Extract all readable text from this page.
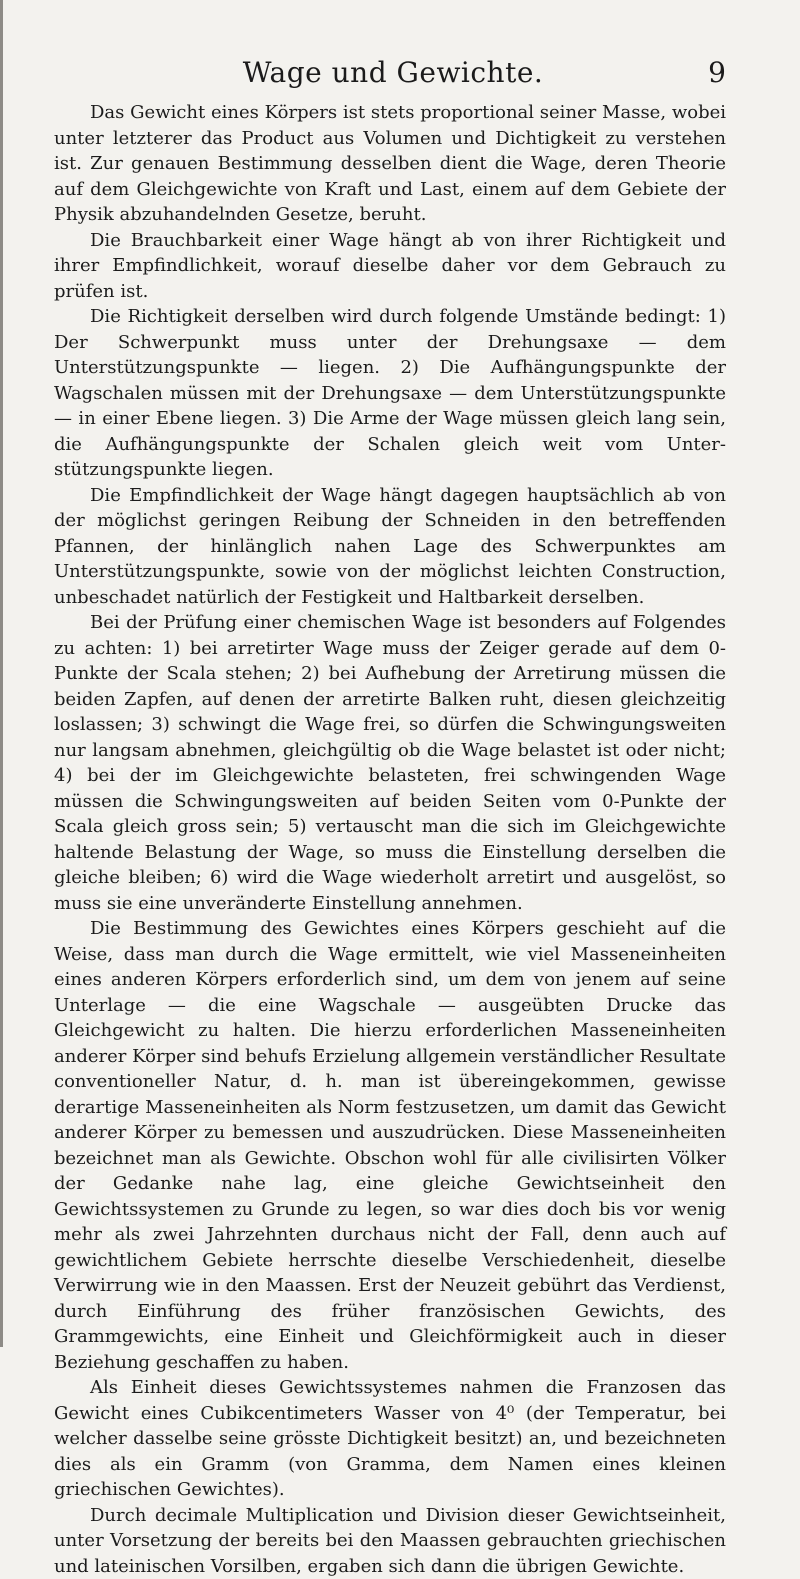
Wage und Gewichte.	9

Das Gewicht eines Körpers ist stets proportional seiner Masse, wobei unter letzterer das Product aus Volumen und Dichtigkeit zu verstehen ist. Zur genauen Bestimmung desselben dient die Wage, deren Theorie auf dem Gleichgewichte von Kraft und Last, einem auf dem Gebiete der Physik abzuhandelnden Gesetze, beruht.

Die Brauchbarkeit einer Wage hängt ab von ihrer Richtigkeit und ihrer Empfindlichkeit, worauf dieselbe daher vor dem Gebrauch zu prüfen ist.

Die Richtigkeit derselben wird durch folgende Umstände bedingt: 1) Der Schwerpunkt muss unter der Drehungsaxe — dem Unterstützungspunkte — liegen. 2) Die Aufhängungspunkte der Wagschalen müssen mit der Drehungsaxe — dem Unterstützungspunkte — in einer Ebene liegen. 3) Die Arme der Wage müssen gleich lang sein, die Aufhängungspunkte der Schalen gleich weit vom Unterstützungspunkte liegen.

Die Empfindlichkeit der Wage hängt dagegen hauptsächlich ab von der möglichst geringen Reibung der Schneiden in den betreffenden Pfannen, der hinlänglich nahen Lage des Schwerpunktes am Unterstützungspunkte, sowie von der möglichst leichten Construction, unbeschadet natürlich der Festigkeit und Haltbarkeit derselben.

Bei der Prüfung einer chemischen Wage ist besonders auf Folgendes zu achten: 1) bei arretirter Wage muss der Zeiger gerade auf dem 0-Punkte der Scala stehen; 2) bei Aufhebung der Arretirung müssen die beiden Zapfen, auf denen der arretirte Balken ruht, diesen gleichzeitig loslassen; 3) schwingt die Wage frei, so dürfen die Schwingungsweiten nur langsam abnehmen, gleichgültig ob die Wage belastet ist oder nicht; 4) bei der im Gleichgewichte belasteten, frei schwingenden Wage müssen die Schwingungsweiten auf beiden Seiten vom 0-Punkte der Scala gleich gross sein; 5) vertauscht man die sich im Gleichgewichte haltende Belastung der Wage, so muss die Einstellung derselben die gleiche bleiben; 6) wird die Wage wiederholt arretirt und ausgelöst, so muss sie eine unveränderte Einstellung annehmen.

Die Bestimmung des Gewichtes eines Körpers geschieht auf die Weise, dass man durch die Wage ermittelt, wie viel Masseneinheiten eines anderen Körpers erforderlich sind, um dem von jenem auf seine Unterlage — die eine Wagschale — ausgeübten Drucke das Gleichgewicht zu halten. Die hierzu erforderlichen Masseneinheiten anderer Körper sind behufs Erzielung allgemein verständlicher Resultate conventioneller Natur, d. h. man ist übereingekommen, gewisse derartige Masseneinheiten als Norm festzusetzen, um damit das Gewicht anderer Körper zu bemessen und auszudrücken. Diese Masseneinheiten bezeichnet man als Gewichte. Obschon wohl für alle civilisirten Völker der Gedanke nahe lag, eine gleiche Gewichtseinheit den Gewichtssystemen zu Grunde zu legen, so war dies doch bis vor wenig mehr als zwei Jahrzehnten durchaus nicht der Fall, denn auch auf gewichtlichem Gebiete herrschte dieselbe Verschiedenheit, dieselbe Verwirrung wie in den Maassen. Erst der Neuzeit gebührt das Verdienst, durch Einführung des früher französischen Gewichts, des Grammgewichts, eine Einheit und Gleichförmigkeit auch in dieser Beziehung geschaffen zu haben.

Als Einheit dieses Gewichtssystemes nahmen die Franzosen das Gewicht eines Cubikcentimeters Wasser von 4⁰ (der Temperatur, bei welcher dasselbe seine grösste Dichtigkeit besitzt) an, und bezeichneten dies als ein Gramm (von Gramma, dem Namen eines kleinen griechischen Gewichtes).

Durch decimale Multiplication und Division dieser Gewichtseinheit, unter Vorsetzung der bereits bei den Maassen gebrauchten griechischen und lateinischen Vorsilben, ergaben sich dann die übrigen Gewichte.
